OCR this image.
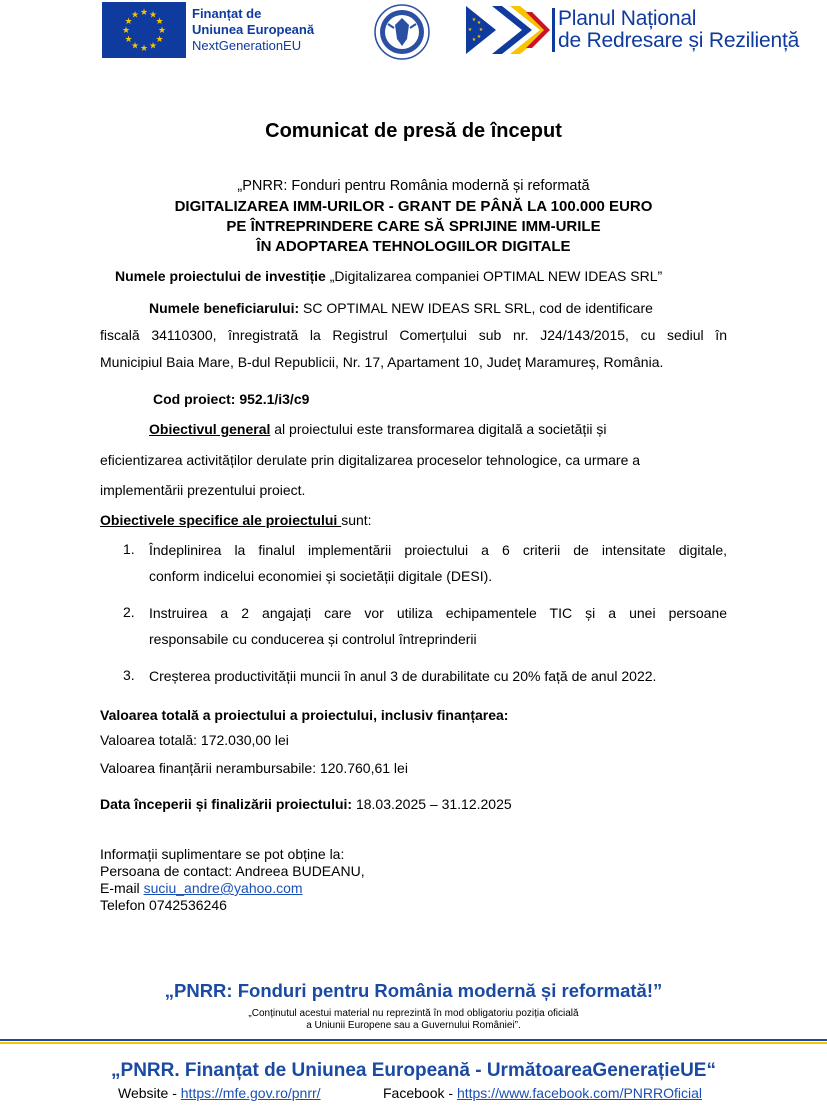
★ ★
★
★
★
★
★
★
★
★
★
★	Finanțat de
Uniunea Europeană
NextGenerationEU
★ ★
★
★
★
★	Planul Național
de Redresare și Reziliență
Comunicat de presă de început
„PNRR: Fonduri pentru România modernă și reformată
DIGITALIZAREA IMM-URILOR - GRANT DE PÂNĂ LA 100.000 EURO
PE ÎNTREPRINDERE CARE SĂ SPRIJINE IMM-URILE
ÎN ADOPTAREA TEHNOLOGIILOR DIGITALE
Numele proiectului de investiție „Digitalizarea companiei OPTIMAL NEW IDEAS SRL”
Numele beneficiarului: SC OPTIMAL NEW IDEAS SRL SRL, cod de identificare
fiscală 34110300, înregistrată la Registrul Comerțului sub nr. J24/143/2015, cu sediul în
Municipiul Baia Mare, B-dul Republicii, Nr. 17, Apartament 10, Județ Maramureș, România.
Cod proiect: 952.1/i3/c9
Obiectivul general al proiectului este transformarea digitală a societății și
eficientizarea activităților derulate prin digitalizarea proceselor tehnologice, ca urmare a
implementării prezentului proiect.
Obiectivele specifice ale proiectului sunt:
1. Îndeplinirea la finalul implementării proiectului a 6 criterii de intensitate digitale,
conform indicelui economiei și societății digitale (DESI).
2. Instruirea a 2 angajați care vor utiliza echipamentele TIC și a unei persoane
responsabile cu conducerea și controlul întreprinderii
3. Creșterea productivității muncii în anul 3 de durabilitate cu 20% față de anul 2022.
Valoarea totală a proiectului a proiectului, inclusiv finanțarea:
Valoarea totală: 172.030,00 lei
Valoarea finanțării nerambursabile: 120.760,61 lei
Data începerii și finalizării proiectului: 18.03.2025 – 31.12.2025
Informații suplimentare se pot obține la:
Persoana de contact: Andreea BUDEANU,
E-mail suciu_andre@yahoo.com
Telefon 0742536246
„PNRR: Fonduri pentru România modernă și reformată!”
„Conținutul acestui material nu reprezintă în mod obligatoriu poziția oficială
a Uniunii Europene sau a Guvernului României”.
„PNRR. Finanțat de Uniunea Europeană - UrmătoareaGenerațieUE“
Website - https://mfe.gov.ro/pnrr/	Facebook - https://www.facebook.com/PNRROficial
